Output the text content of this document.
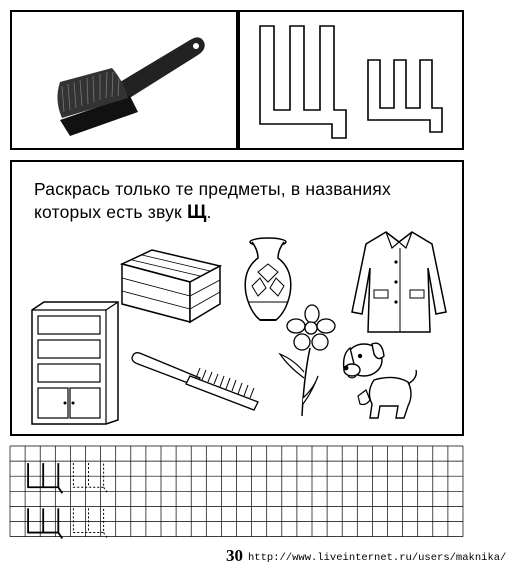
Раскрась только те предметы, в названиях
которых есть звук Щ.
30 http://www.liveinternet.ru/users/maknika/
